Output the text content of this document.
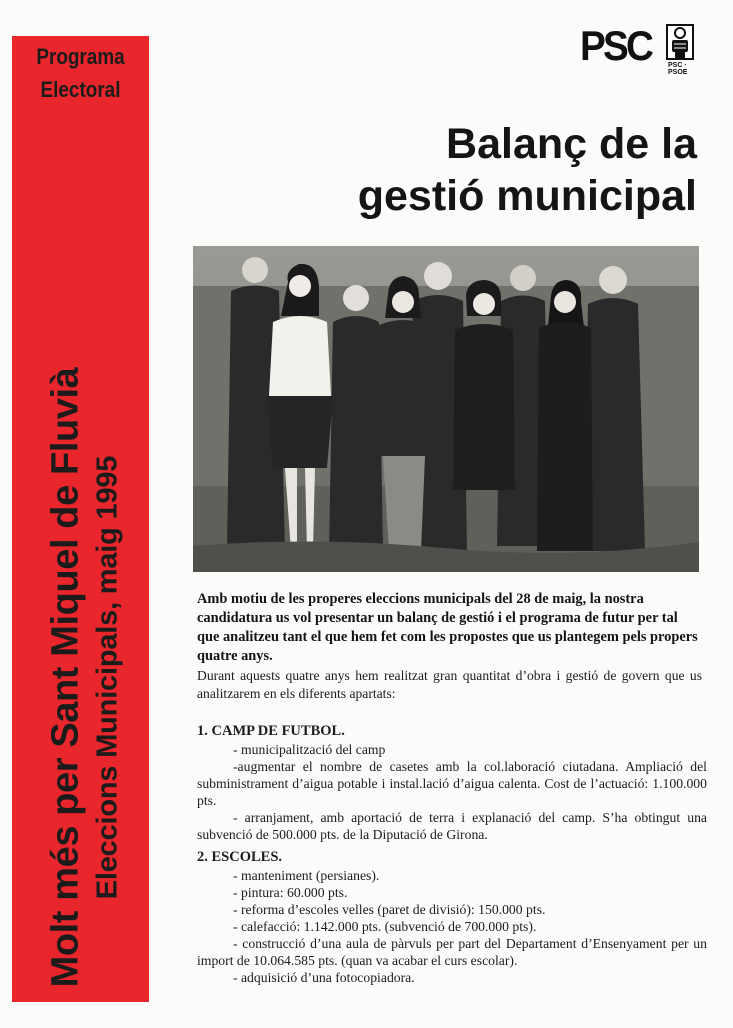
Programa
Electoral
Molt més per Sant Miquel de Fluvià Eleccions Municipals, maig 1995
PSC PSC · PSOE
Balanç de la
gestió municipal
Amb motiu de les properes eleccions municipals del 28 de maig, la nostra candidatura us vol presentar un balanç de gestió i el programa de futur per tal que analitzeu tant el que hem fet com les propostes que us plantegem pels propers quatre anys.
Durant aquests quatre anys hem realitzat gran quantitat d’obra i gestió de govern que us analitzarem en els diferents apartats:
1. CAMP DE FUTBOL.
- municipalització del camp
-augmentar el nombre de casetes amb la col.laboració ciutadana. Ampliació del subministrament d’aigua potable i instal.lació d’aigua calenta. Cost de l’actuació: 1.100.000 pts.
- arranjament, amb aportació de terra i explanació del camp. S’ha obtingut una subvenció de 500.000 pts. de la Diputació de Girona.
2. ESCOLES.
- manteniment (persianes).
- pintura: 60.000 pts.
- reforma d’escoles velles (paret de divisió): 150.000 pts.
- calefacció: 1.142.000 pts. (subvenció de 700.000 pts).
- construcció d’una aula de pàrvuls per part del Departament d’Ensenyament per un import de 10.064.585 pts. (quan va acabar el curs escolar).
- adquisició d’una fotocopiadora.
